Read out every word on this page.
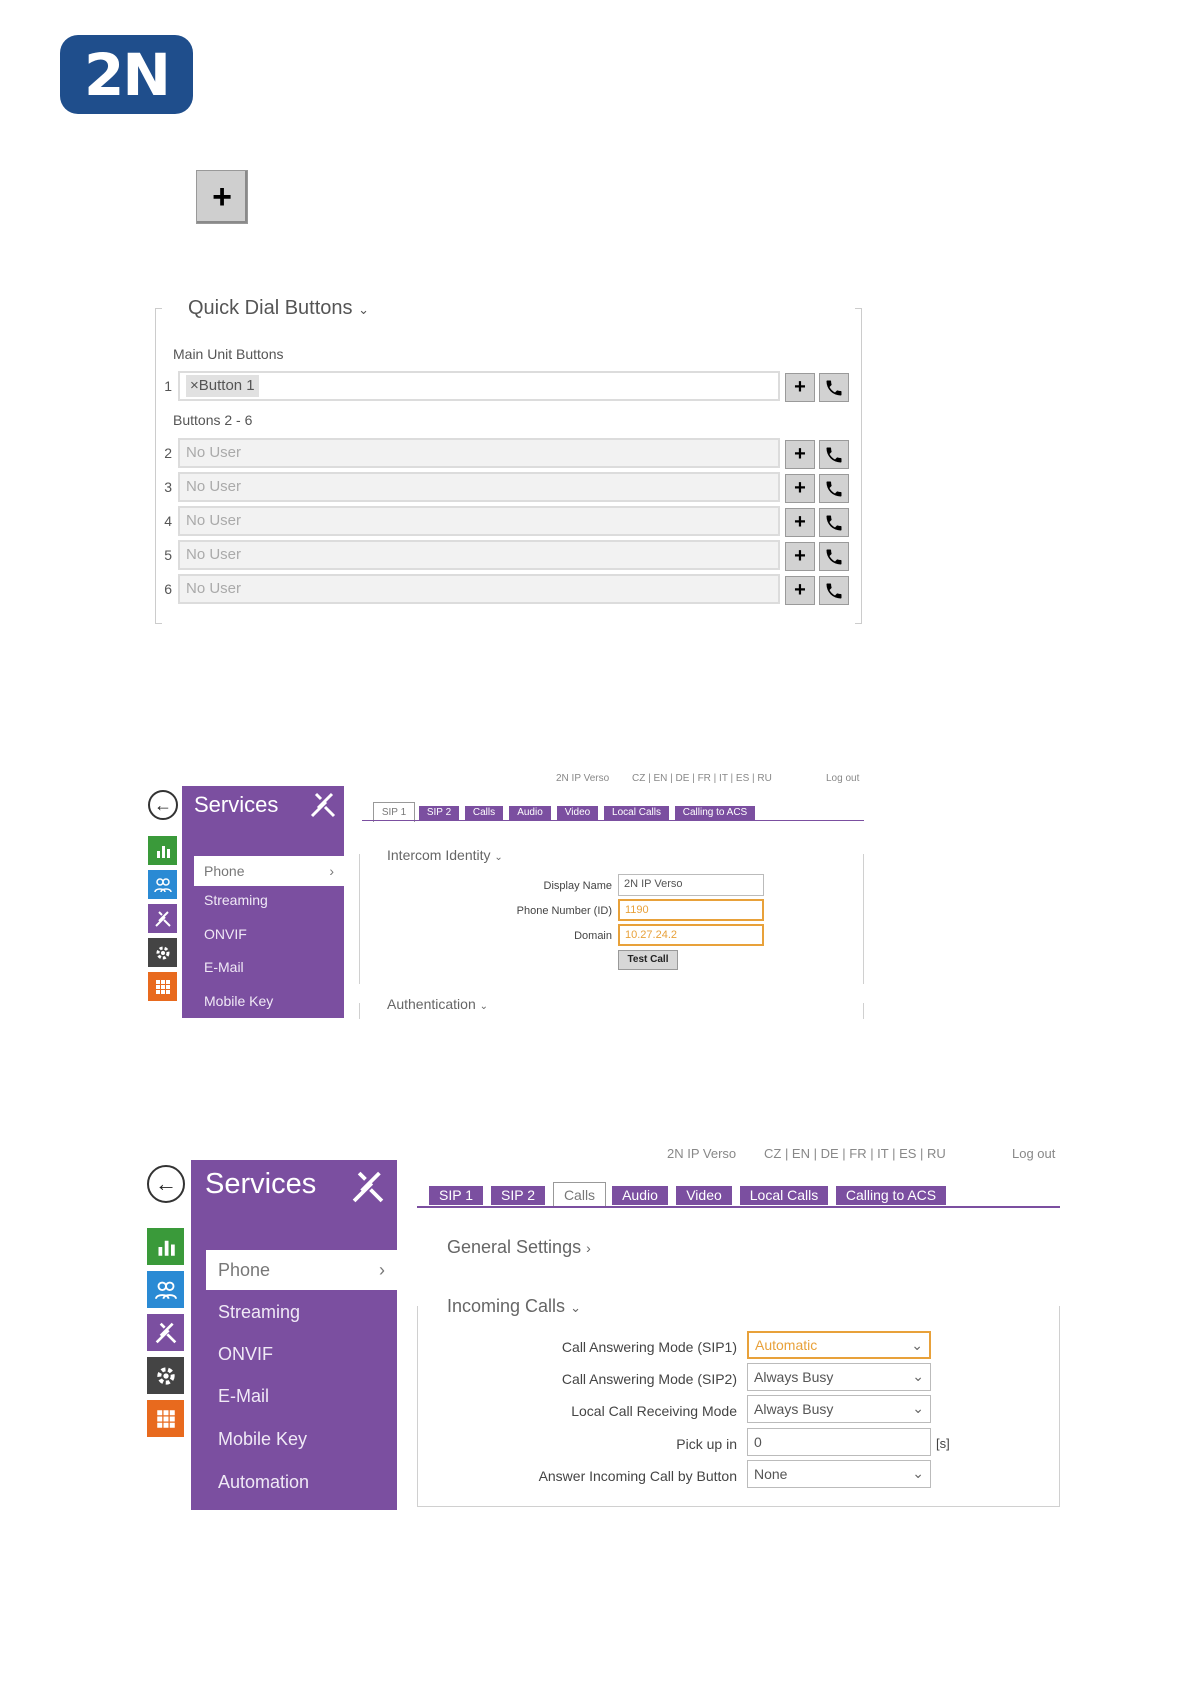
2N
+
Quick Dial Buttons ⌄
Main Unit Buttons
1	×Button 1	+
Buttons 2 - 6
2 No User	+
3 No User	+
4 No User	+
5 No User	+
6 No User	+
← Services
Phone	›
Streaming
ONVIF
E-Mail
Mobile Key
2N IP Verso CZ | EN | DE | FR | IT | ES | RU	Log out
SIP 1	SIP 2	Calls	Audio	Video	Local Calls	Calling to ACS
Intercom Identity ⌄
Display Name	2N IP Verso
Phone Number (ID)	1190
Domain	10.27.24.2
Test Call
Authentication ⌄
← Services
Phone	›
Streaming
ONVIF
E-Mail
Mobile Key
Automation
2N IP Verso CZ | EN | DE | FR | IT | ES | RU	Log out
SIP 1	SIP 2	Calls	Audio	Video	Local Calls	Calling to ACS
General Settings ›
Incoming Calls ⌄
Call Answering Mode (SIP1)	Automatic	⌄
Call Answering Mode (SIP2)	Always Busy	⌄
Local Call Receiving Mode	Always Busy	⌄
Pick up in	0	[s]
Answer Incoming Call by Button	None	⌄
